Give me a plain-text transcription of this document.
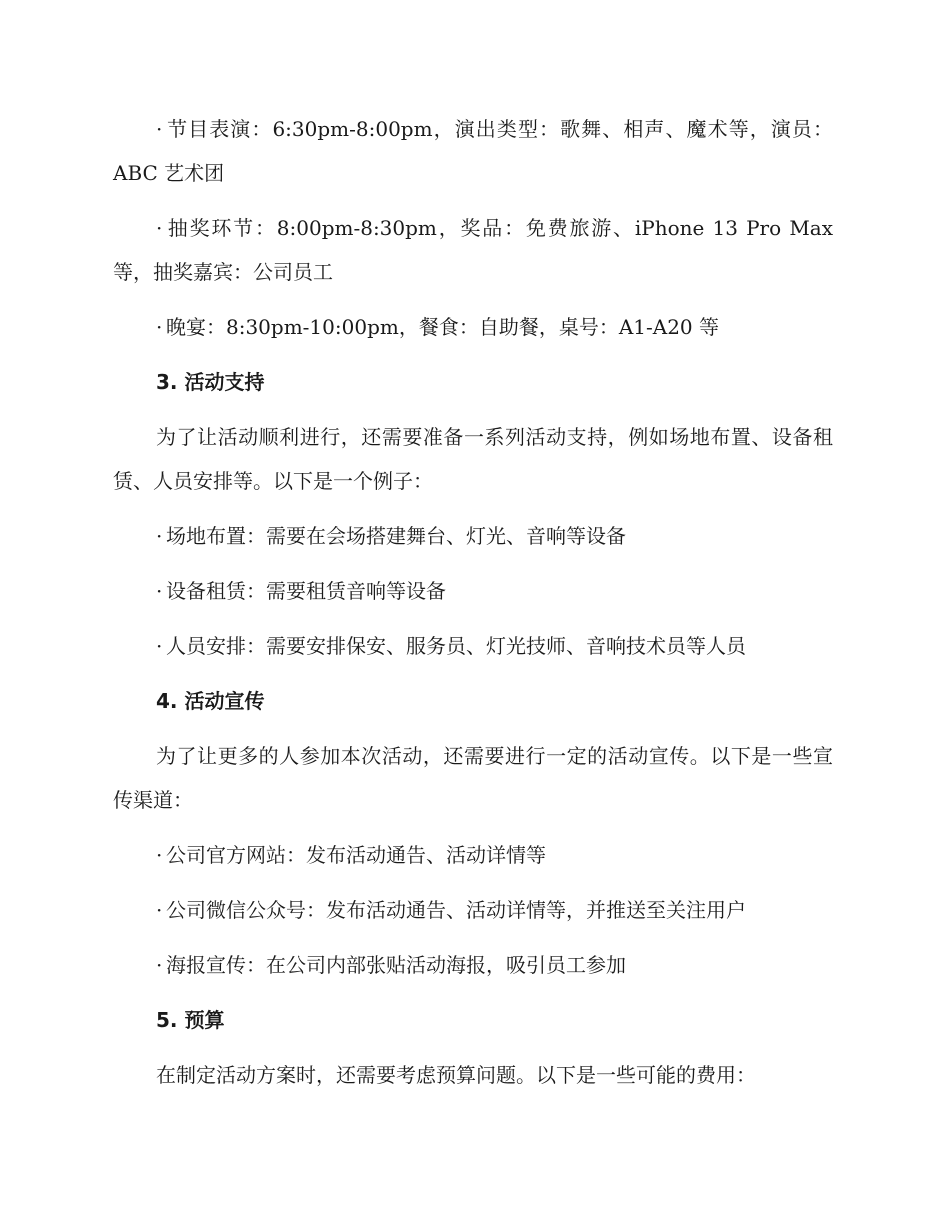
· 节目表演：6:30pm-8:00pm，演出类型：歌舞、相声、魔术等，演员：ABC 艺术团
· 抽奖环节：8:00pm-8:30pm，奖品：免费旅游、iPhone 13 Pro Max 等，抽奖嘉宾：公司员工
· 晚宴：8:30pm-10:00pm，餐食：自助餐，桌号：A1-A20 等
3. 活动支持
为了让活动顺利进行，还需要准备一系列活动支持，例如场地布置、设备租赁、人员安排等。以下是一个例子：
· 场地布置：需要在会场搭建舞台、灯光、音响等设备
· 设备租赁：需要租赁音响等设备
· 人员安排：需要安排保安、服务员、灯光技师、音响技术员等人员
4. 活动宣传
为了让更多的人参加本次活动，还需要进行一定的活动宣传。以下是一些宣传渠道：
· 公司官方网站：发布活动通告、活动详情等
· 公司微信公众号：发布活动通告、活动详情等，并推送至关注用户
· 海报宣传：在公司内部张贴活动海报，吸引员工参加
5. 预算
在制定活动方案时，还需要考虑预算问题。以下是一些可能的费用：
